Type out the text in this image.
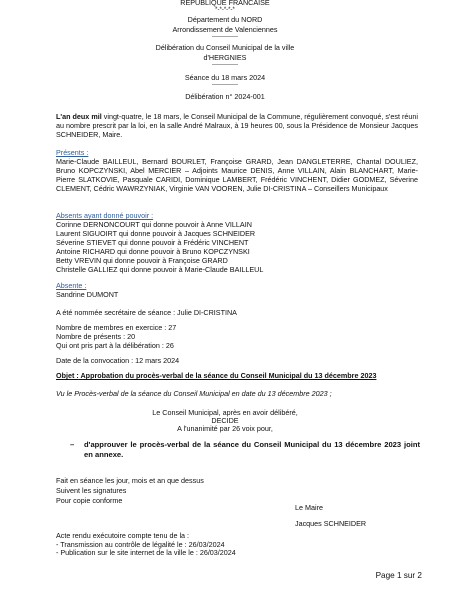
REPUBLIQUE FRANCAISE
*-*-*-*-*
Département du NORD
Arrondissement de Valenciennes
-------------
Délibération du Conseil Municipal de la ville
d'HERGNIES
-------------
Séance du 18 mars 2024
-------------
Délibération n° 2024-001
L'an deux mil vingt-quatre, le 18 mars, le Conseil Municipal de la Commune, régulièrement convoqué, s'est réuni au nombre prescrit par la loi, en la salle André Malraux, à 19 heures 00, sous la Présidence de Monsieur Jacques SCHNEIDER, Maire.
Présents :
Marie-Claude BAILLEUL, Bernard BOURLET, Françoise GRARD, Jean DANGLETERRE, Chantal DOULIEZ, Bruno KOPCZYNSKI, Abel MERCIER – Adjoints Maurice DENIS, Anne VILLAIN, Alain BLANCHART, Marie-Pierre SLATKOVIE, Pasquale CARIDI, Dominique LAMBERT, Frédéric VINCHENT, Didier GODMEZ, Séverine CLEMENT, Cédric WAWRZYNIAK, Virginie VAN VOOREN, Julie DI-CRISTINA – Conseillers Municipaux
Absents ayant donné pouvoir :
Corinne DERNONCOURT qui donne pouvoir à Anne VILLAIN
Laurent SIGUOIRT qui donne pouvoir à Jacques SCHNEIDER
Séverine STIEVET qui donne pouvoir à Frédéric VINCHENT
Antoine RICHARD qui donne pouvoir à Bruno KOPCZYNSKI
Betty VREVIN qui donne pouvoir à Françoise GRARD
Christelle GALLIEZ qui donne pouvoir à Marie-Claude BAILLEUL
Absente :
Sandrine DUMONT
A été nommée secrétaire de séance : Julie DI-CRISTINA
Nombre de membres en exercice : 27
Nombre de présents : 20
Qui ont pris part à la délibération : 26
Date de la convocation : 12 mars 2024
Objet : Approbation du procès-verbal de la séance du Conseil Municipal du 13 décembre 2023
Vu le Procès-verbal de la séance du Conseil Municipal en date du 13 décembre 2023 ;
Le Conseil Municipal, après en avoir délibéré,
DECIDE
A l'unanimité par 26 voix pour,
– d'approuver le procès-verbal de la séance du Conseil Municipal du 13 décembre 2023 joint en annexe.
Fait en séance les jour, mois et an que dessus
Suivent les signatures
Pour copie conforme
Le Maire
Jacques SCHNEIDER
Acte rendu exécutoire compte tenu de la :
- Transmission au contrôle de légalité le : 26/03/2024
- Publication sur le site internet de la ville le : 26/03/2024
Page 1 sur 2
